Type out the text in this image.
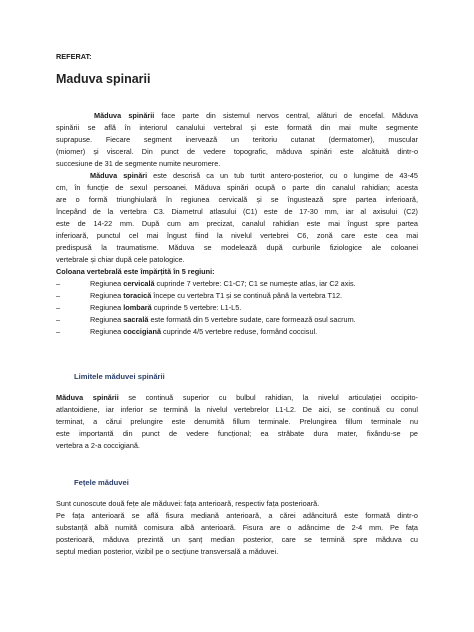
REFERAT:
Maduva spinarii
Măduva spinării face parte din sistemul nervos central, alături de encefal. Măduva
spinării se află în interiorul canalului vertebral și este formată din mai multe segmente
suprapuse. Fiecare segment inervează un teritoriu cutanat (dermatomer), muscular
(miomer) și visceral. Din punct de vedere topografic, măduva spinări este alcătuită dintr-o
succesiune de 31 de segmente numite neuromere.
Măduva spinări este descrisă ca un tub turtit antero-posterior, cu o lungime de 43-45
cm, în funcție de sexul persoanei. Măduva spinări ocupă o parte din canalul rahidian; acesta
are o formă triunghiulară în regiunea cervicală și se îngustează spre partea inferioară,
începând de la vertebra C3. Diametrul atlasului (C1) este de 17-30 mm, iar al axisului (C2)
este de 14-22 mm. După cum am precizat, canalul rahidian este mai îngust spre partea
inferioară, punctul cel mai îngust fiind la nivelul vertebrei C6, zonă care este cea mai
predispusă la traumatisme. Măduva se modelează după curburile fiziologice ale coloanei
vertebrale și chiar după cele patologice.
Coloana vertebrală este împărțită în 5 regiuni:
–	Regiunea cervicală cuprinde 7 vertebre: C1-C7; C1 se numește atlas, iar C2 axis.
–	Regiunea toracică începe cu vertebra T1 și se continuă până la vertebra T12.
–	Regiunea lombară cuprinde 5 vertebre: L1-L5.
–	Regiunea sacrală este formată din 5 vertebre sudate, care formează osul sacrum.
–	Regiunea coccigiană cuprinde 4/5 vertebre reduse, formând coccisul.
Limitele măduvei spinării
Măduva spinării se continuă superior cu bulbul rahidian, la nivelul articulației occipito-
atlantoidiene, iar inferior se termină la nivelul vertebrelor L1-L2. De aici, se continuă cu conul
terminat, a cărui prelungire este denumită fillum terminale. Prelungirea fillum terminale nu
este importantă din punct de vedere funcțional; ea străbate dura mater, fixându-se pe
vertebra a 2-a coccigiană.
Fețele măduvei
Sunt cunoscute două fețe ale măduvei: fața anterioară, respectiv fața posterioară.
Pe fața anterioară se află fisura mediană anterioară, a cărei adâncitură este formată dintr-o
substanță albă numită comisura albă anterioară. Fisura are o adâncime de 2-4 mm. Pe fața
posterioară, măduva prezintă un șanț median posterior, care se termină spre măduva cu
septul median posterior, vizibil pe o secțiune transversală a măduvei.
